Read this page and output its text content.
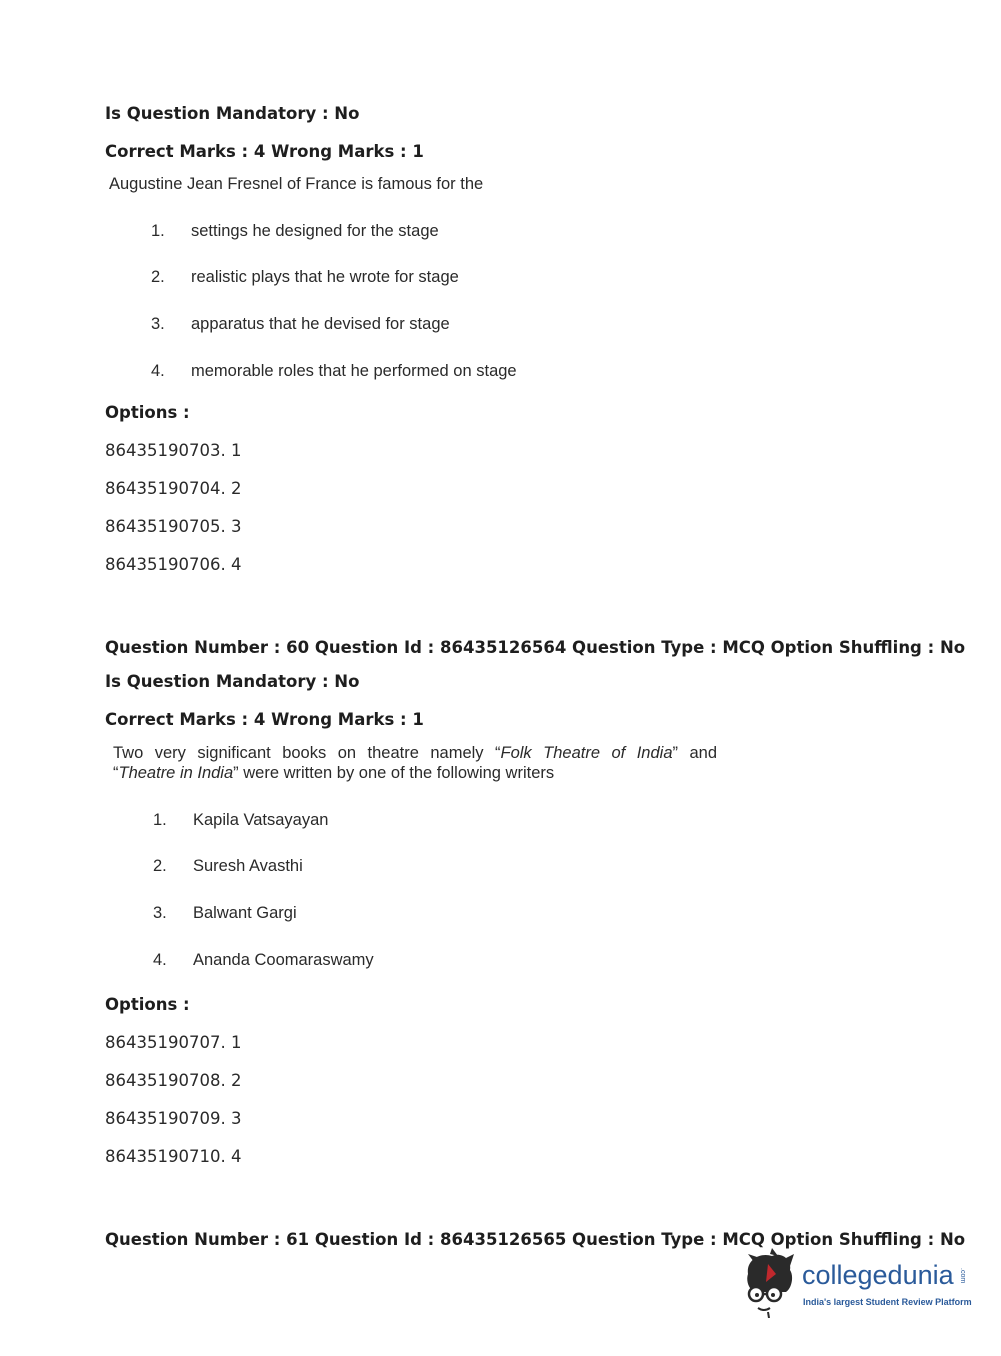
Is Question Mandatory : No
Correct Marks : 4 Wrong Marks : 1
Augustine Jean Fresnel of France is famous for the
1. settings he designed for the stage
2. realistic plays that he wrote for stage
3. apparatus that he devised for stage
4. memorable roles that he performed on stage
Options :
86435190703. 1
86435190704. 2
86435190705. 3
86435190706. 4
Question Number : 60 Question Id : 86435126564 Question Type : MCQ Option Shuffling : No
Is Question Mandatory : No
Correct Marks : 4 Wrong Marks : 1
Two very significant books on theatre namely “Folk Theatre of India” and
“Theatre in India” were written by one of the following writers
1. Kapila Vatsayayan
2. Suresh Avasthi
3. Balwant Gargi
4. Ananda Coomaraswamy
Options :
86435190707. 1
86435190708. 2
86435190709. 3
86435190710. 4
Question Number : 61 Question Id : 86435126565 Question Type : MCQ Option Shuffling : No
collegedunia .com
India's largest Student Review Platform
